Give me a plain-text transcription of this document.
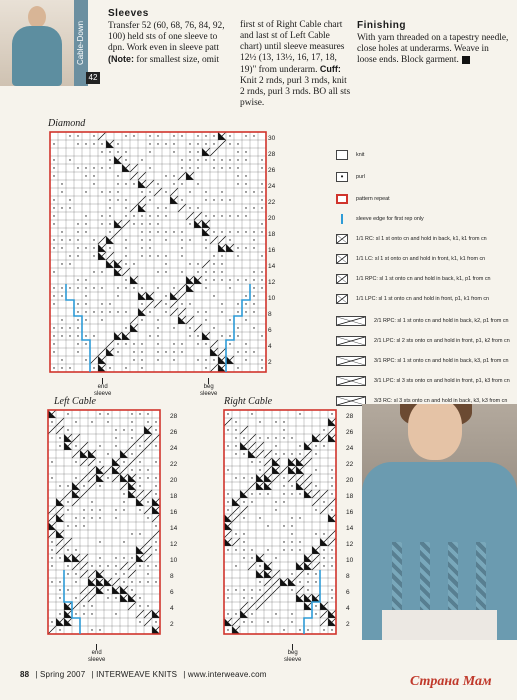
Cable-Down
42
Sleeves
Transfer 52 (60, 68, 76, 84, 92, 100) held sts of one sleeve to dpn. Work even in sleeve patt (Note: for smallest size, omit
first st of Right Cable chart and last st of Left Cable chart) until sleeve measures 12½ (13, 13½, 16, 17, 18, 19)" from underarm. Cuff: Knit 2 rnds, purl 3 rnds, knit 2 rnds, purl 3 rnds. BO all sts pwise.
Finishing
With yarn threaded on a tapestry needle, close holes at underarms. Weave in loose ends. Block garment.
Diamond
30
28
26
24
22
20
18
16
14
12
10
8
6
4
2
end
sleeve
beg
sleeve
Left Cable
28
26
24
22
20
18
16
14
12
10
8
6
4
2
end
sleeve
Right Cable
28
26
24
22
20
18
16
14
12
10
8
6
4
2
beg
sleeve
knit
• purl
pattern repeat
sleeve edge for first rep only
1/1 RC: sl 1 st onto cn and hold in back, k1, k1 from cn
1/1 LC: sl 1 st onto cn and hold in front, k1, k1 from cn
1/1 RPC: sl 1 st onto cn and hold in back, k1, p1 from cn
1/1 LPC: sl 1 st onto cn and hold in front, p1, k1 from cn
2/1 RPC: sl 1 st onto cn and hold in back, k2, p1 from cn
2/1 LPC: sl 2 sts onto cn and hold in front, p1, k2 from cn
3/1 RPC: sl 1 st onto cn and hold in back, k3, p1 from cn
3/1 LPC: sl 3 sts onto cn and hold in front, p1, k3 from cn
3/3 RC: sl 3 sts onto cn and hold in back, k3, k3 from cn
88 | Spring 2007 | INTERWEAVE KNITS | www.interweave.com	Страна Мам
